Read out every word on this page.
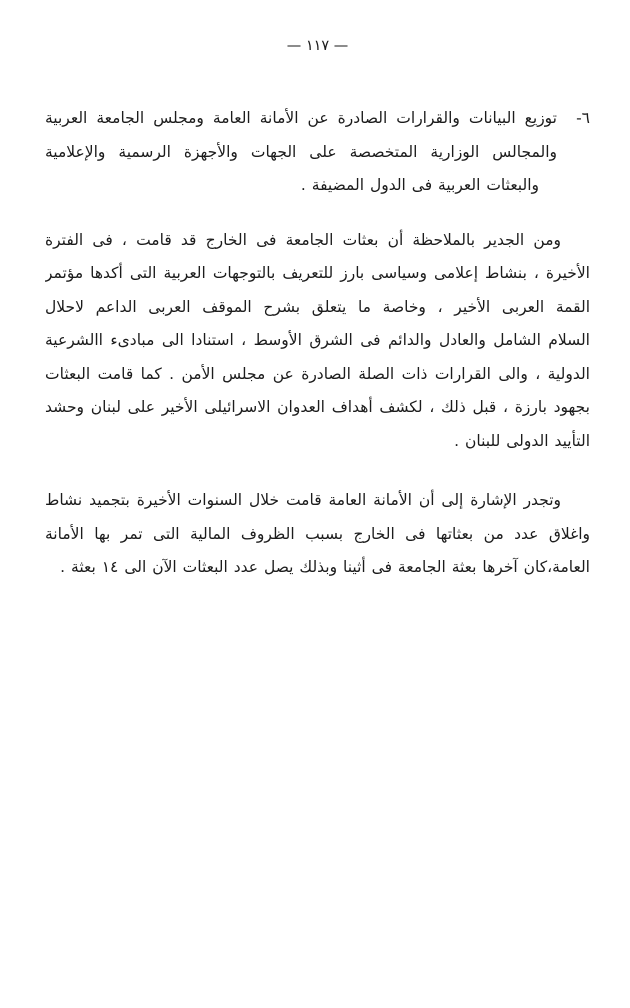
— ١١٧ —
٦-
توزيع البيانات والقرارات الصادرة عن الأمانة العامة ومجلس الجامعة العربية
والمجالس الوزارية المتخصصة على الجهات والأجهزة الرسمية والإعلامية
والبعثات العربية فى الدول المضيفة .
ومن الجدير بالملاحظة أن بعثات الجامعة فى الخارج قد قامت ، فى الفترة
الأخيرة ، بنشاط إعلامى وسياسى بارز للتعريف بالتوجهات العربية التى أكدها مؤتمر
القمة العربى الأخير ، وخاصة ما يتعلق بشرح الموقف العربى الداعم لاحلال
السلام الشامل والعادل والدائم فى الشرق الأوسط ، استنادا الى مبادىء االشرعية
الدولية ، والى القرارات ذات الصلة الصادرة عن مجلس الأمن . كما قامت البعثات
بجهود بارزة ، قبل ذلك ، لكشف أهداف العدوان الاسرائيلى الأخير على لبنان وحشد
التأييد الدولى للبنان .
وتجدر الإشارة إلى أن الأمانة العامة قامت خلال السنوات الأخيرة بتجميد نشاط
واغلاق عدد من بعثاتها فى الخارج بسبب الظروف المالية التى تمر بها الأمانة
العامة،كان آخرها بعثة الجامعة فى أثينا وبذلك يصل عدد البعثات الآن الى ١٤ بعثة .
